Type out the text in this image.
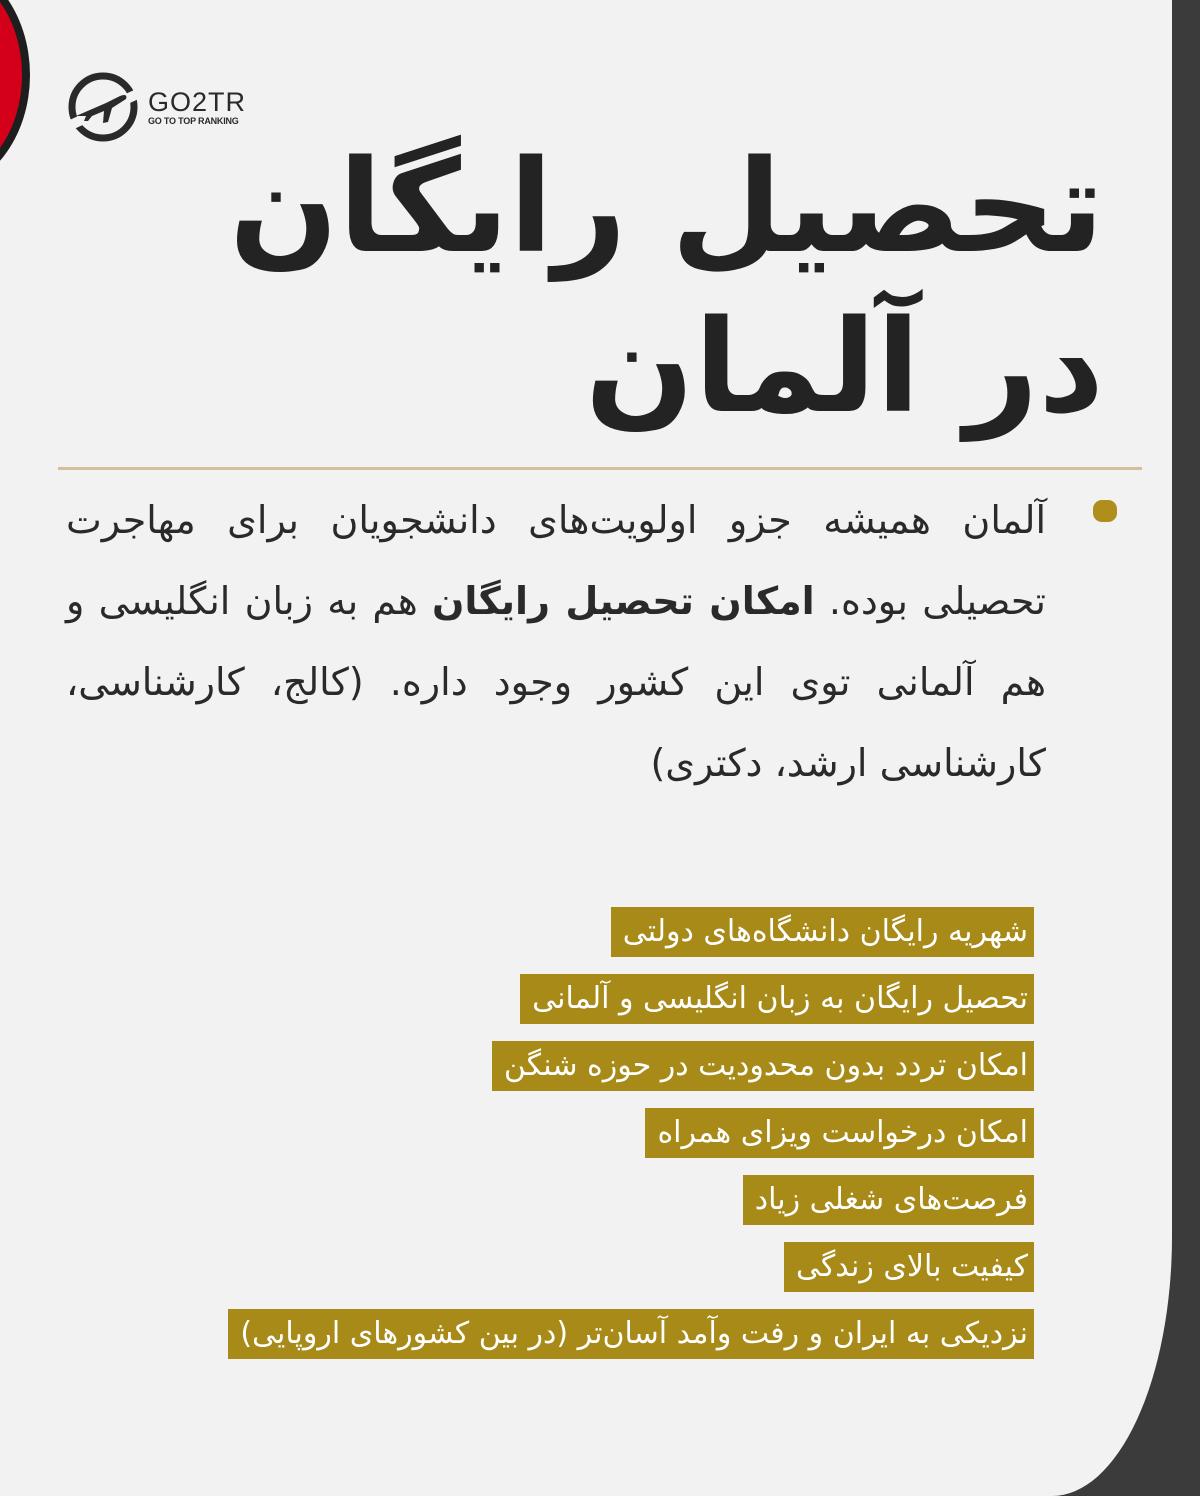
GO2TR
GO TO TOP RANKING
تحصیل رایگان
در آلمان

آلمان همیشه جزو اولویت‌های دانشجویان برای مهاجرت تحصیلی بوده. امکان تحصیل رایگان هم به زبان انگلیسی و هم آلمانی توی این کشور وجود داره. (کالج، کارشناسی، کارشناسی ارشد، دکتری)

شهریه رایگان دانشگاه‌های دولتی
تحصیل رایگان به زبان انگلیسی و آلمانی
امکان تردد بدون محدودیت در حوزه شنگن
امکان درخواست ویزای همراه
فرصت‌های شغلی زیاد
کیفیت بالای زندگی
نزدیکی به ایران و رفت وآمد آسان‌تر (در بین کشورهای اروپایی)
